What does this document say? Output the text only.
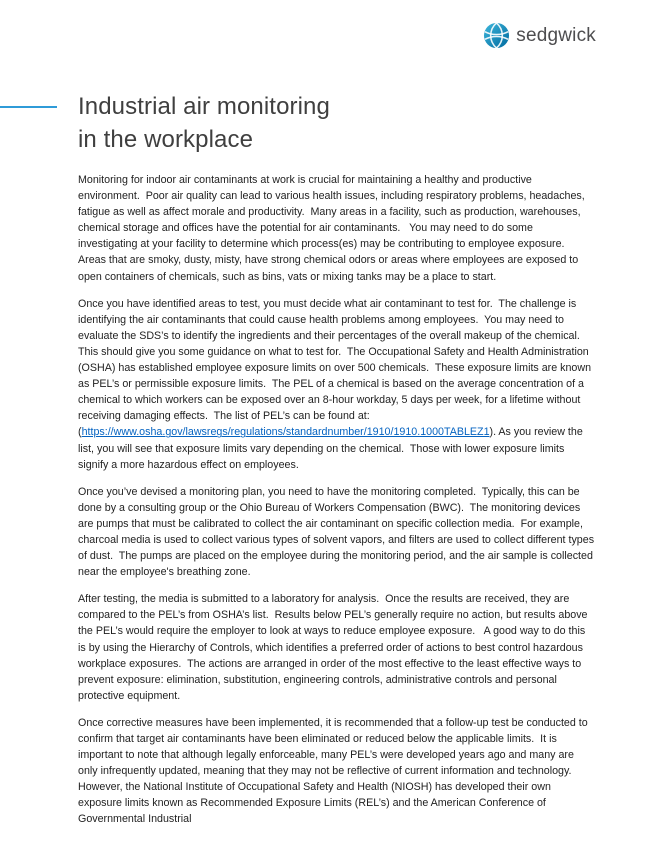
sedgwick
Industrial air monitoring
in the workplace

Monitoring for indoor air contaminants at work is crucial for maintaining a healthy and productive environment.  Poor air quality can lead to various health issues, including respiratory problems, headaches, fatigue as well as affect morale and productivity.  Many areas in a facility, such as production, warehouses, chemical storage and offices have the potential for air contaminants.   You may need to do some investigating at your facility to determine which process(es) may be contributing to employee exposure.  Areas that are smoky, dusty, misty, have strong chemical odors or areas where employees are exposed to open containers of chemicals, such as bins, vats or mixing tanks may be a place to start.

Once you have identified areas to test, you must decide what air contaminant to test for.  The challenge is identifying the air contaminants that could cause health problems among employees.  You may need to evaluate the SDS’s to identify the ingredients and their percentages of the overall makeup of the chemical.  This should give you some guidance on what to test for.  The Occupational Safety and Health Administration (OSHA) has established employee exposure limits on over 500 chemicals.  These exposure limits are known as PEL’s or permissible exposure limits.  The PEL of a chemical is based on the average concentration of a chemical to which workers can be exposed over an 8-hour workday, 5 days per week, for a lifetime without receiving damaging effects.  The list of PEL’s can be found at: (https://www.osha.gov/lawsregs/regulations/standardnumber/1910/1910.1000TABLEZ1). As you review the list, you will see that exposure limits vary depending on the chemical.  Those with lower exposure limits signify a more hazardous effect on employees.

Once you’ve devised a monitoring plan, you need to have the monitoring completed.  Typically, this can be done by a consulting group or the Ohio Bureau of Workers Compensation (BWC).  The monitoring devices are pumps that must be calibrated to collect the air contaminant on specific collection media.  For example, charcoal media is used to collect various types of solvent vapors, and filters are used to collect different types of dust.  The pumps are placed on the employee during the monitoring period, and the air sample is collected near the employee's breathing zone.

After testing, the media is submitted to a laboratory for analysis.  Once the results are received, they are compared to the PEL’s from OSHA’s list.  Results below PEL’s generally require no action, but results above the PEL’s would require the employer to look at ways to reduce employee exposure.   A good way to do this is by using the Hierarchy of Controls, which identifies a preferred order of actions to best control hazardous workplace exposures.  The actions are arranged in order of the most effective to the least effective ways to prevent exposure: elimination, substitution, engineering controls, administrative controls and personal protective equipment.

Once corrective measures have been implemented, it is recommended that a follow-up test be conducted to confirm that target air contaminants have been eliminated or reduced below the applicable limits.  It is important to note that although legally enforceable, many PEL’s were developed years ago and many are only infrequently updated, meaning that they may not be reflective of current information and technology.  However, the National Institute of Occupational Safety and Health (NIOSH) has developed their own exposure limits known as Recommended Exposure Limits (REL’s) and the American Conference of Governmental Industrial
